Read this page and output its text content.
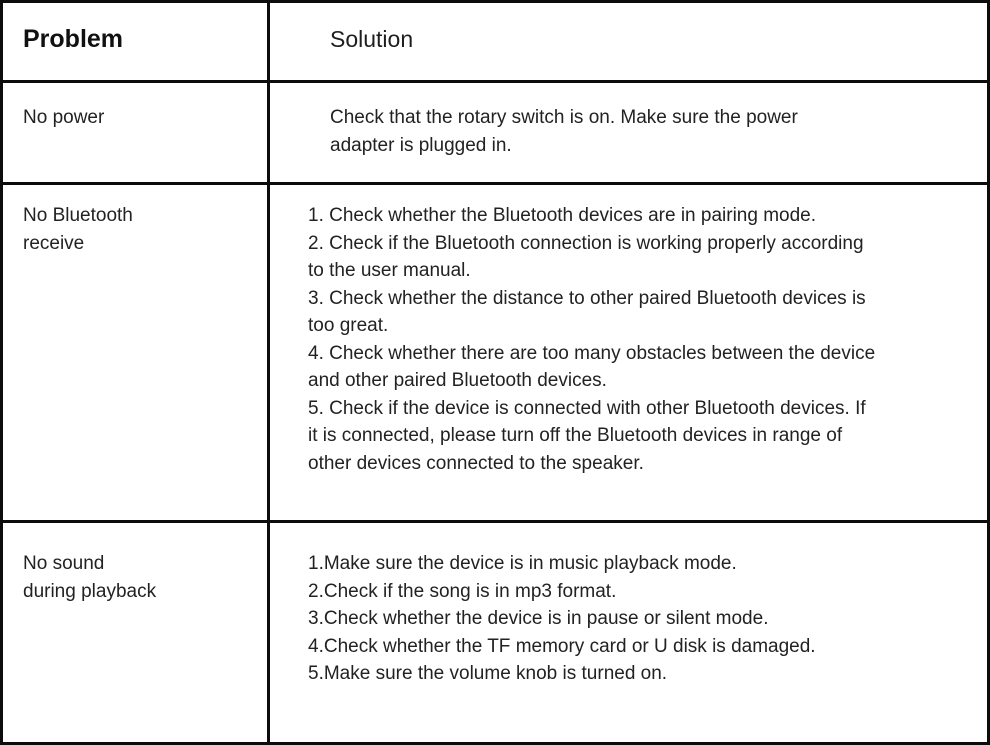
Problem	Solution
No power	Check that the rotary switch is on. Make sure the power
adapter is plugged in.
No Bluetooth
receive
1. Check whether the Bluetooth devices are in pairing mode.
2. Check if the Bluetooth connection is working properly according
to the user manual.
3. Check whether the distance to other paired Bluetooth devices is
too great.
4. Check whether there are too many obstacles between the device
and other paired Bluetooth devices.
5. Check if the device is connected with other Bluetooth devices. If
it is connected, please turn off the Bluetooth devices in range of
other devices connected to the speaker.
No sound
during playback
1.Make sure the device is in music playback mode.
2.Check if the song is in mp3 format.
3.Check whether the device is in pause or silent mode.
4.Check whether the TF memory card or U disk is damaged.
5.Make sure the volume knob is turned on.
